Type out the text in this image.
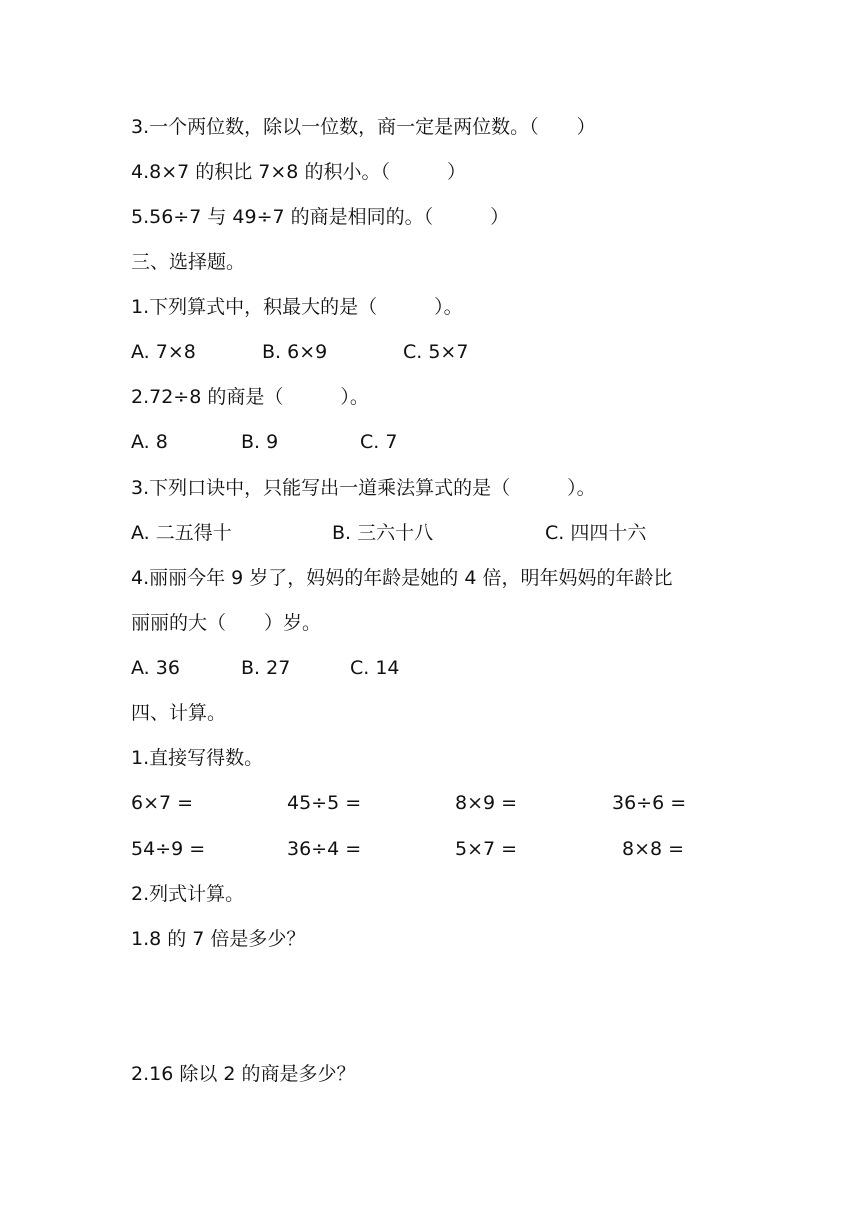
3.一个两位数，除以一位数，商一定是两位数。（　　）
4.8×7 的积比 7×8 的积小。（　　　）
5.56÷7 与 49÷7 的商是相同的。（　　　）
三、选择题。
1.下列算式中，积最大的是（　　　）。
A. 7×8	B. 6×9	C. 5×7
2.72÷8 的商是（　　　）。
A. 8	B. 9	C. 7
3.下列口诀中，只能写出一道乘法算式的是（　　　）。
A. 二五得十	B. 三六十八	C. 四四十六
4.丽丽今年 9 岁了，妈妈的年龄是她的 4 倍，明年妈妈的年龄比
丽丽的大（　　）岁。
A. 36	B. 27	C. 14
四、计算。
1.直接写得数。
6×7 =	45÷5 =	8×9 =	36÷6 =
54÷9 =	36÷4 =	5×7 =	8×8 =
2.列式计算。
1.8 的 7 倍是多少？
2.16 除以 2 的商是多少？
